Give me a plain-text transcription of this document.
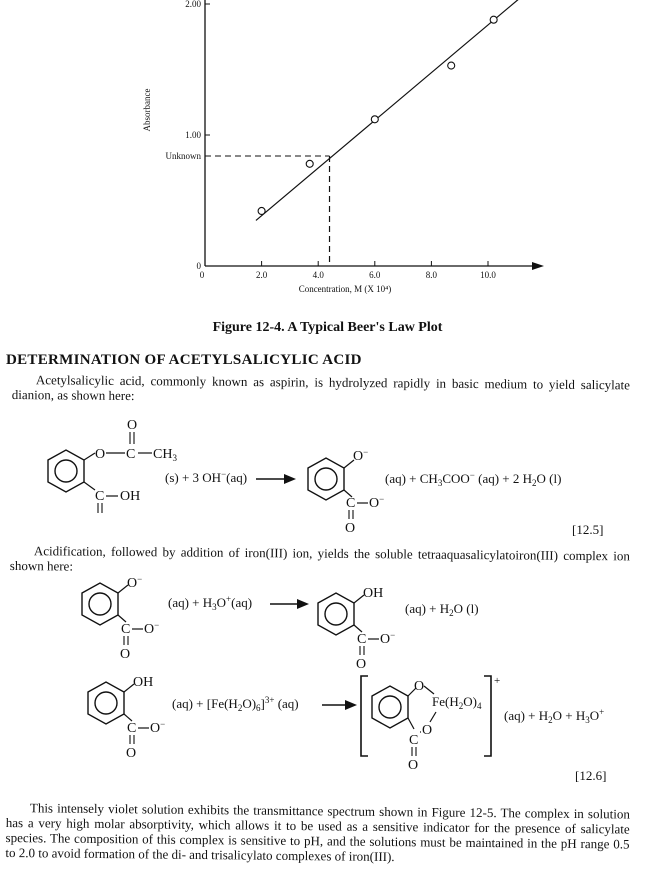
0	2.0	4.0	6.0	8.0	10.0
0
1.00
2.00
Unknown
Absorbance
Concentration, M (X 10⁴)
Figure 12-4. A Typical Beer's Law Plot
DETERMINATION OF ACETYLSALICYLIC ACID
Acetylsalicylic acid, commonly known as aspirin, is hydrolyzed rapidly in basic medium to yield salicylate dianion, as shown here:
O C
O
$CH_3$
C OH
(s) + 3 OH−(aq)
O−
C O−
O
$(aq) + CH_3COO^-$ (aq) + 2 $H_2O$ (l)
[12.5]
Acidification, followed by addition of iron(III) ion, yields the soluble tetraaquasalicylatoiron(III) complex ion shown here:
O−
C O−
O
$(aq) + H_3O^+(aq)$
OH
C O−
O
$(aq) + H_2O$ (l)
OH
C O−
O
$(aq) + [Fe(H_2O)_6]^{3+}$ (aq)
O
$Fe(H_2O)_4$
O
C
O
+
$(aq) + H_2O + H_3O^+$
[12.6]
This intensely violet solution exhibits the transmittance spectrum shown in Figure 12-5. The complex in solution has a very high molar absorptivity, which allows it to be used as a sensitive indicator for the presence of salicylate species. The composition of this complex is sensitive to pH, and the solutions must be maintained in the pH range 0.5 to 2.0 to avoid formation of the di- and trisalicylato complexes of iron(III).
